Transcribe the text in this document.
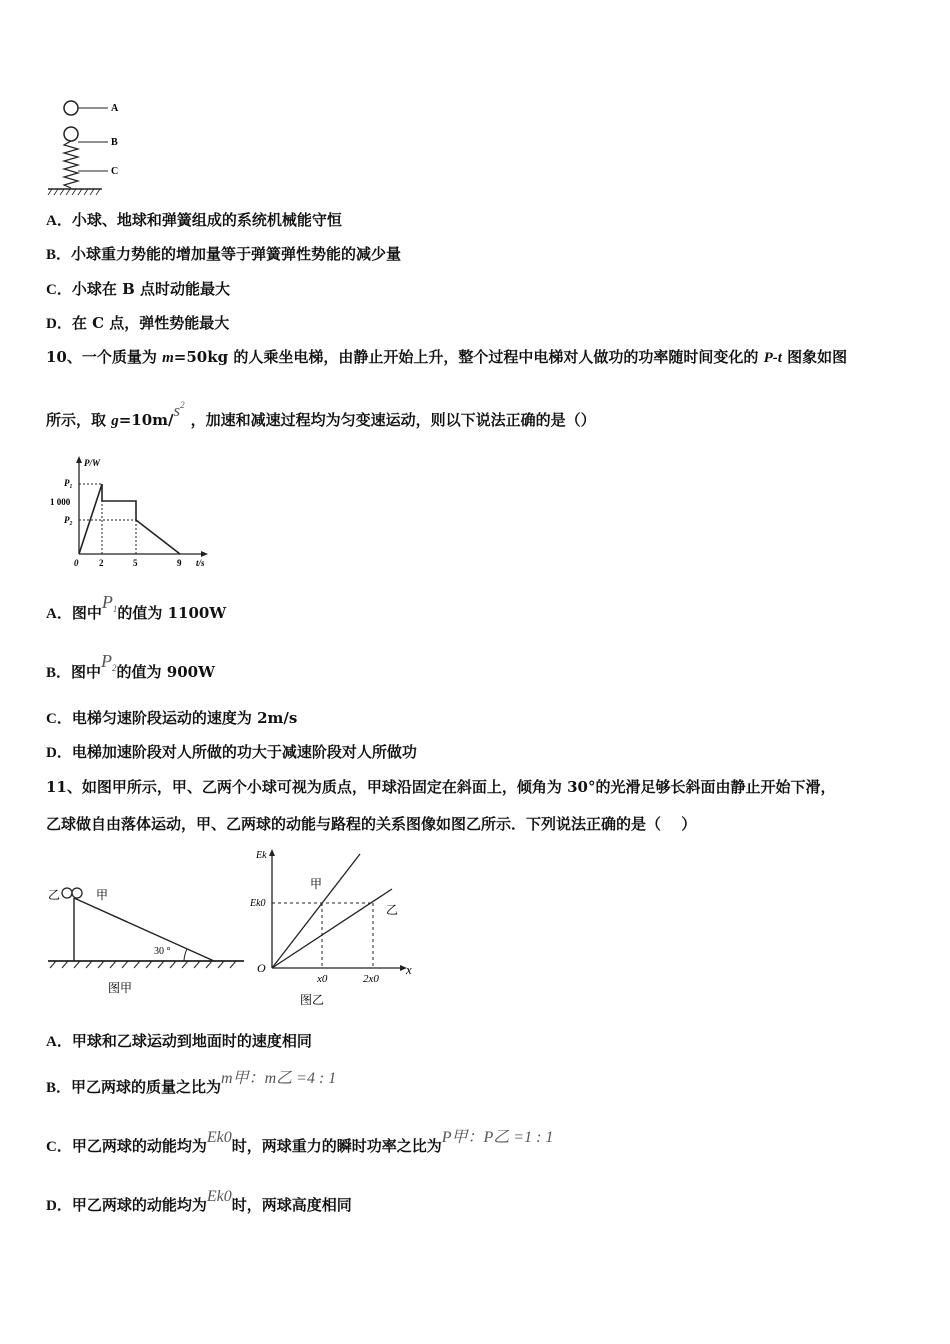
A
B
C
A．小球、地球和弹簧组成的系统机械能守恒
B．小球重力势能的增加量等于弹簧弹性势能的减少量
C．小球在 B 点时动能最大
D．在 C 点，弹性势能最大
10、一个质量为 m=50kg 的人乘坐电梯，由静止开始上升，整个过程中电梯对人做功的功率随时间变化的 P-t 图象如图
所示，取 $g=10m/s^2$，加速和减速过程均为匀变速运动，则以下说法正确的是（）
P/W
t/s
P₁
1 000
P₂
0 2	5	9
A．图中$P^1$的值为 1100W
B．图中$P^2$的值为 900W
C．电梯匀速阶段运动的速度为 2m/s
D．电梯加速阶段对人所做的功大于减速阶段对人所做功
11、如图甲所示，甲、乙两个小球可视为质点，甲球沿固定在斜面上，倾角为 30°的光滑足够长斜面由静止开始下滑，
乙球做自由落体运动，甲、乙两球的动能与路程的关系图像如图乙所示．下列说法正确的是（　 ）
乙	甲
30 °
图甲
Ek
x
O
Ek0
甲
乙
x0	2x0
图乙
A．甲球和乙球运动到地面时的速度相同
B．甲乙两球的质量之比为m甲：m乙 =4 : 1
C．甲乙两球的动能均为Ek0时，两球重力的瞬时功率之比为P甲：P乙 =1 : 1
D．甲乙两球的动能均为Ek0时，两球高度相同
